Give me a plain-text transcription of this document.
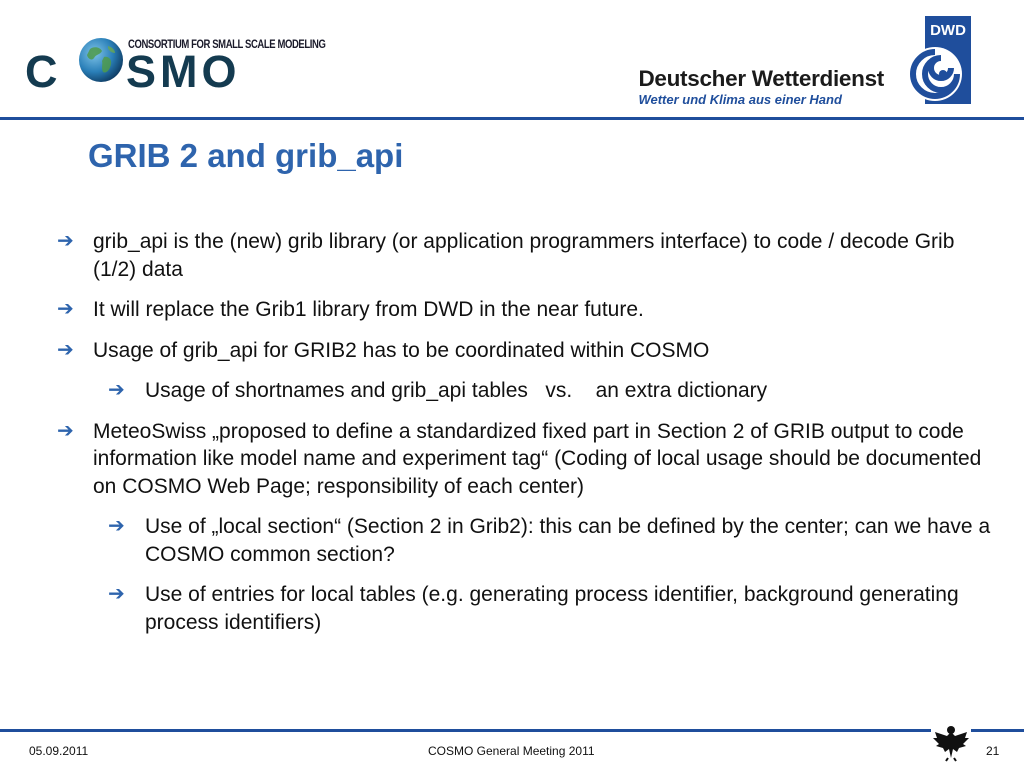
CONSORTIUM FOR SMALL SCALE MODELING
C SMO	Deutscher Wetterdienst
Wetter und Klima aus einer Hand
DWD
GRIB 2 and grib_api
➔ grib_api is the (new) grib library (or application programmers interface) to code / decode Grib (1/2) data
➔ It will replace the Grib1 library from DWD in the near future.
➔ Usage of grib_api for GRIB2 has to be coordinated within COSMO
➔ Usage of shortnames and grib_api tables   vs.    an extra dictionary
➔ MeteoSwiss „proposed to define a standardized fixed part in Section 2 of GRIB output to code information like model name and experiment tag“ (Coding of local usage should be documented on COSMO Web Page; responsibility of each center)
➔ Use of „local section“ (Section 2 in Grib2): this can be defined by the center; can we have a COSMO common section?
➔ Use of entries for local tables (e.g. generating process identifier, background generating process identifiers)
05.09.2011	COSMO General Meeting 2011	21
